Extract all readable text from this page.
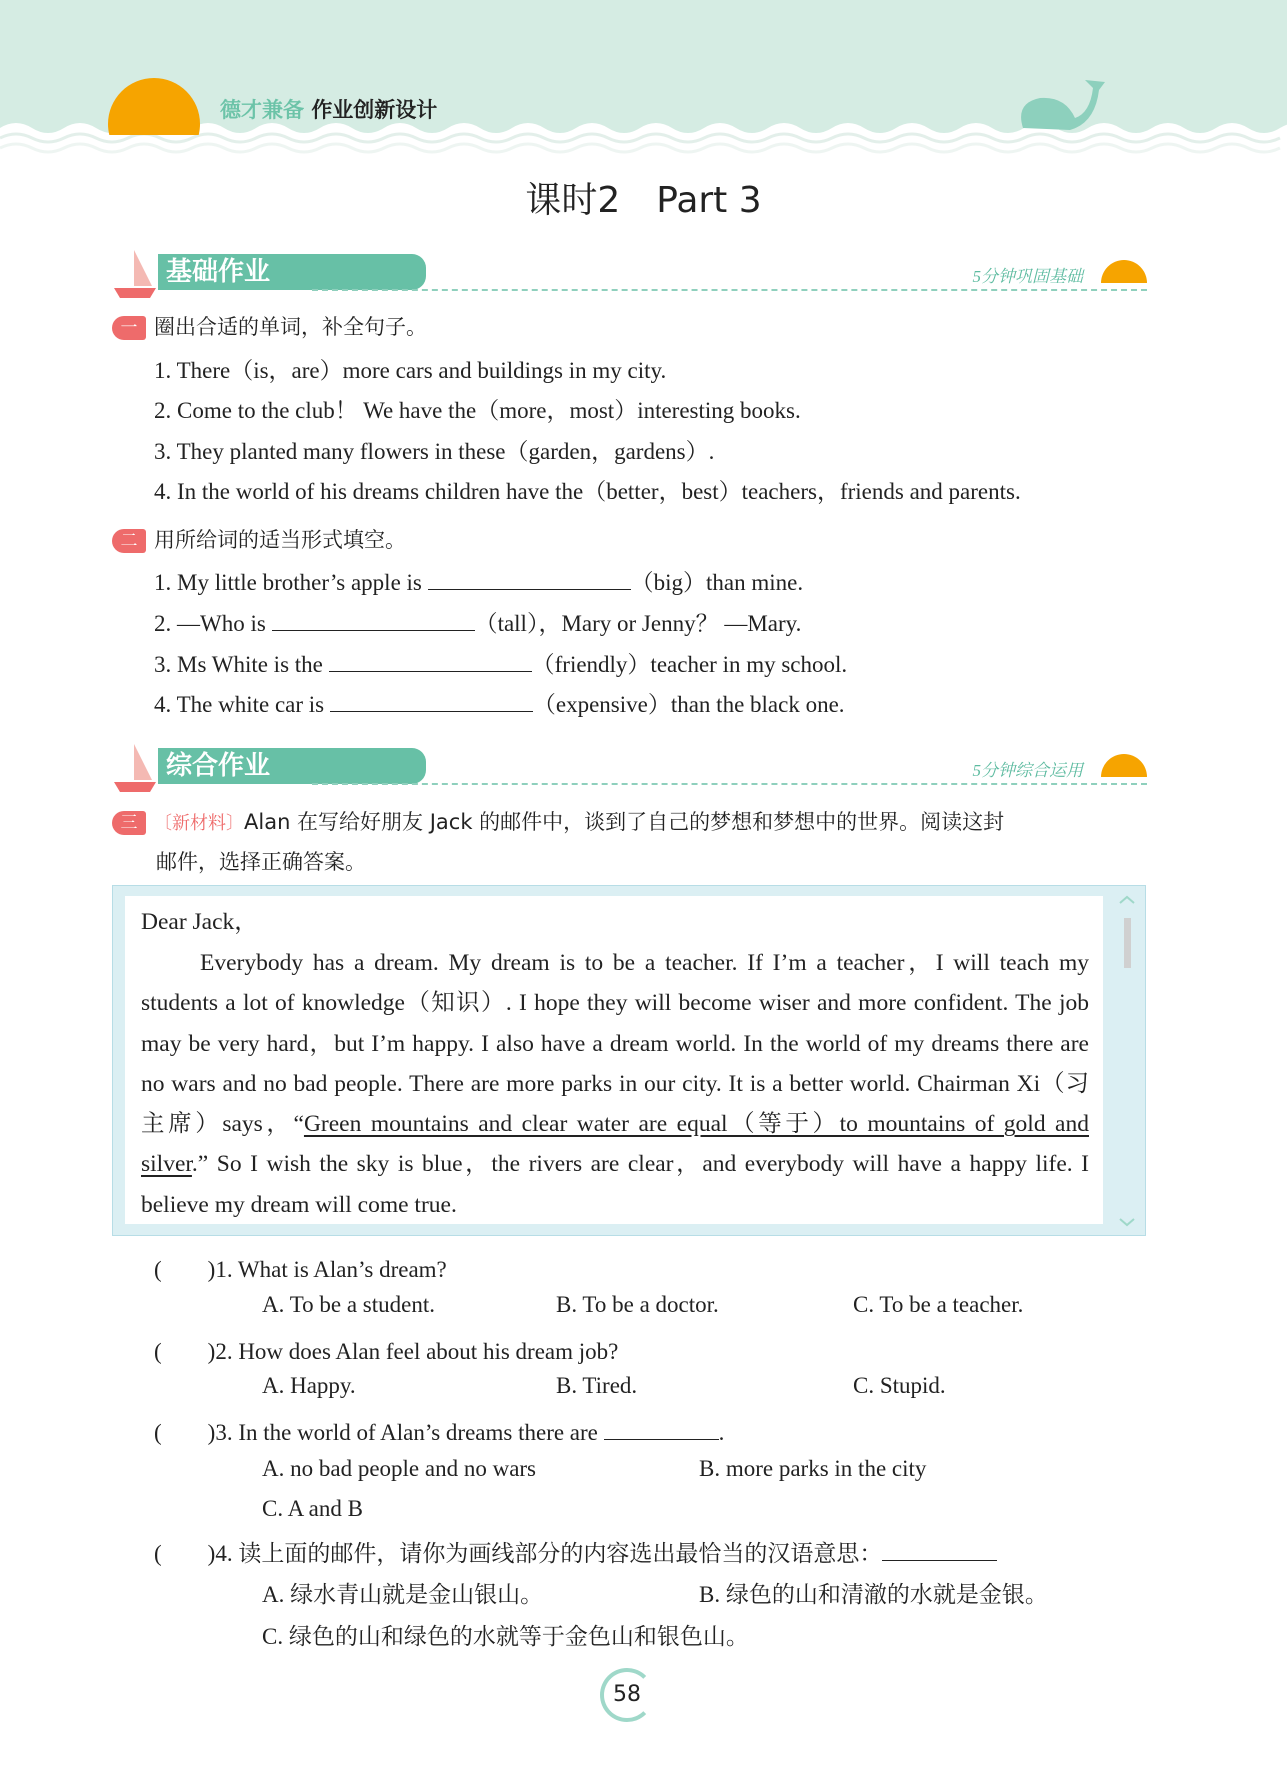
德才兼备 作业创新设计
课时2　Part 3
基础作业	5分钟巩固基础
一 圈出合适的单词，补全句子。
1. There（is，are）more cars and buildings in my city.
2. Come to the club！ We have the（more，most）interesting books.
3. They planted many flowers in these（garden，gardens）.
4. In the world of his dreams children have the（better，best）teachers，friends and parents.
二 用所给词的适当形式填空。
1. My little brother’s apple is	（big）than mine.
2. —Who is	（tall），Mary or Jenny？ —Mary.
3. Ms White is the	（friendly）teacher in my school.
4. The white car is	（expensive）than the black one.
综合作业	5分钟综合运用
三 〔新材料〕Alan 在写给好朋友 Jack 的邮件中，谈到了自己的梦想和梦想中的世界。阅读这封
邮件，选择正确答案。
Dear Jack，
Everybody has a dream. My dream is to be a teacher. If I’m a teacher，I will teach my students a lot of knowledge（知识）. I hope they will become wiser and more confident. The job may be very hard，but I’m happy. I also have a dream world. In the world of my dreams there are no wars and no bad people. There are more parks in our city. It is a better world. Chairman Xi（习主席）says，“Green mountains and clear water are equal（等于）to mountains of gold and silver.” So I wish the sky is blue，the rivers are clear，and everybody will have a happy life. I believe my dream will come true.
(　　)1. What is Alan’s dream?
A. To be a student.	B. To be a doctor.	C. To be a teacher.
(　　)2. How does Alan feel about his dream job?
A. Happy.	B. Tired.	C. Stupid.
(　　)3. In the world of Alan’s dreams there are	.
A. no bad people and no wars	B. more parks in the city
C. A and B
(　　)4. 读上面的邮件，请你为画线部分的内容选出最恰当的汉语意思：
A. 绿水青山就是金山银山。	B. 绿色的山和清澈的水就是金银。
C. 绿色的山和绿色的水就等于金色山和银色山。
58
